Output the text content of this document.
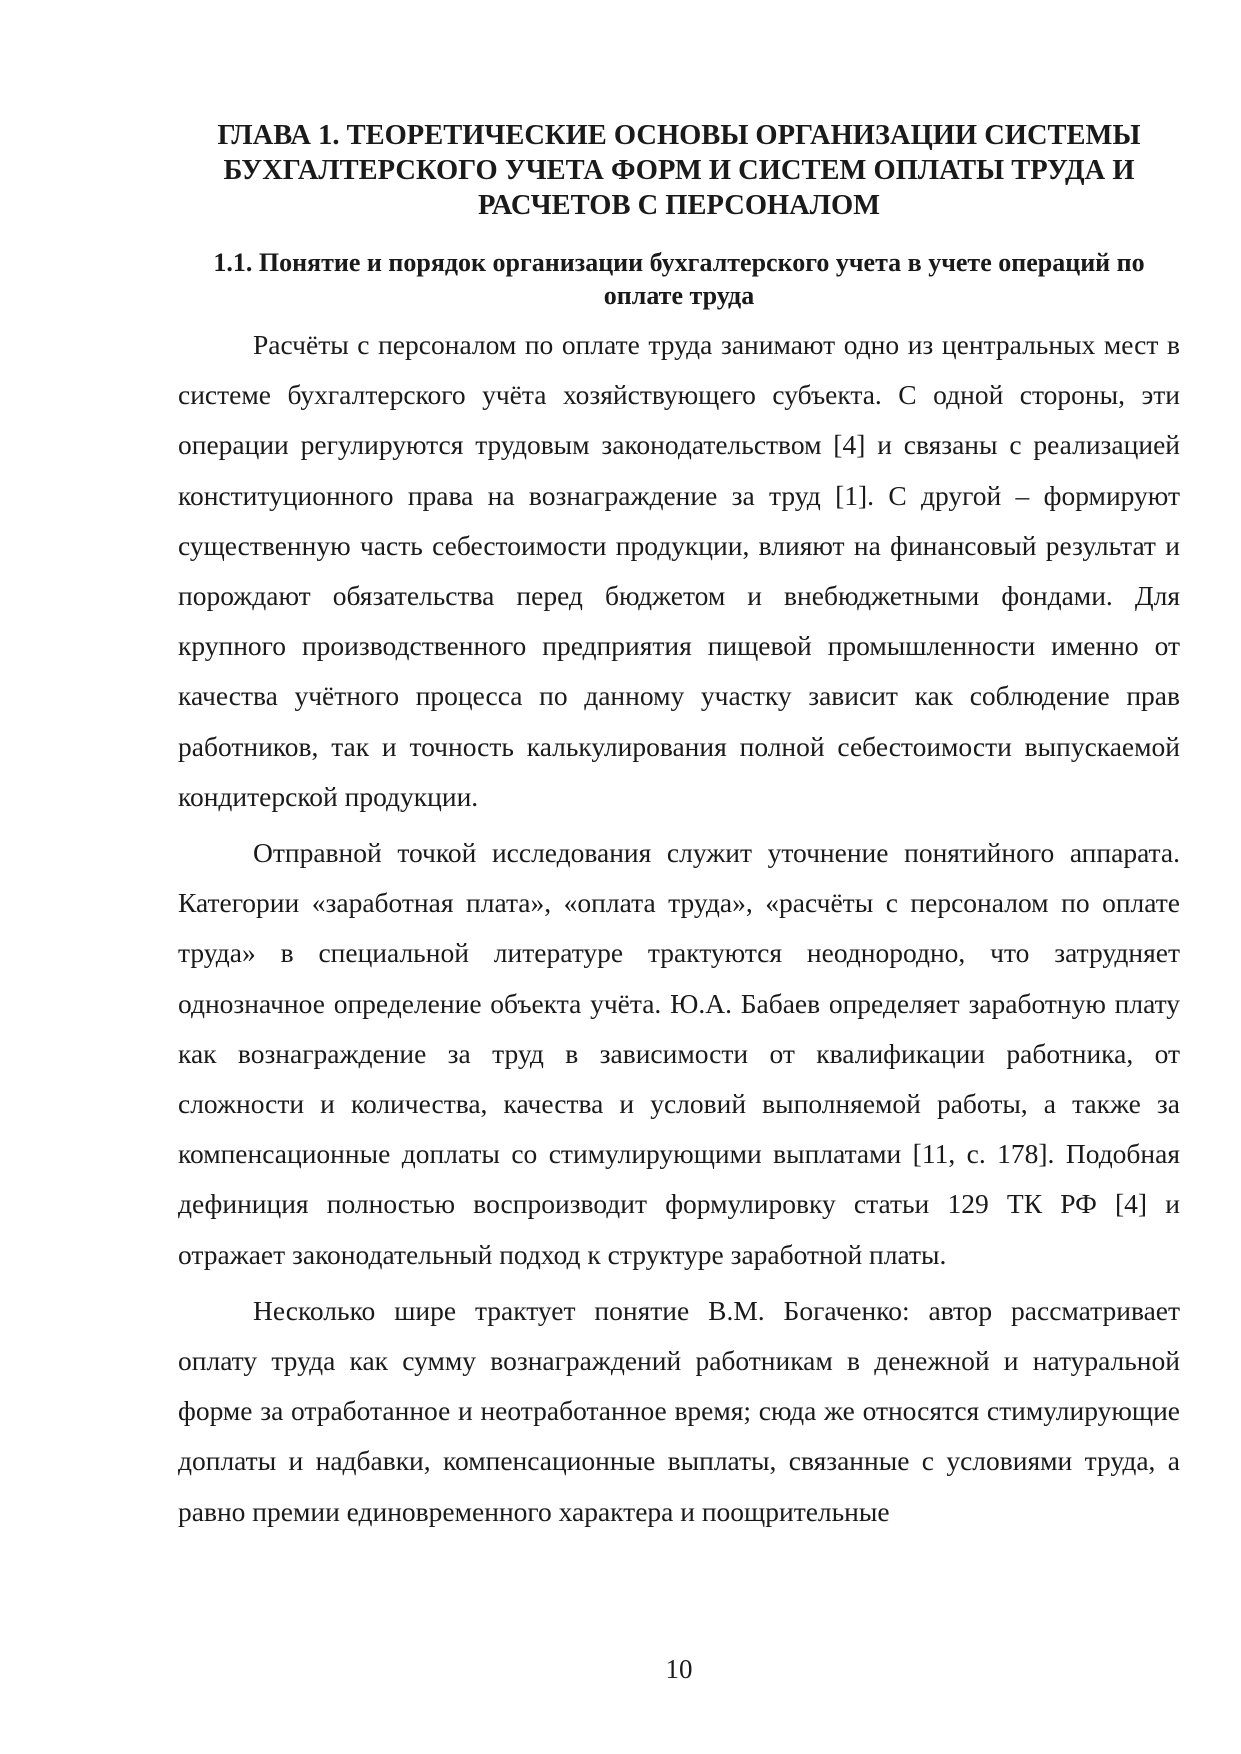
ГЛАВА 1. ТЕОРЕТИЧЕСКИЕ ОСНОВЫ ОРГАНИЗАЦИИ СИСТЕМЫ БУХГАЛТЕРСКОГО УЧЕТА ФОРМ И СИСТЕМ ОПЛАТЫ ТРУДА И РАСЧЕТОВ С ПЕРСОНАЛОМ
1.1. Понятие и порядок организации бухгалтерского учета в учете операций по оплате труда

Расчёты с персоналом по оплате труда занимают одно из центральных мест в системе бухгалтерского учёта хозяйствующего субъекта. С одной стороны, эти операции регулируются трудовым законодательством [4] и связаны с реализацией конституционного права на вознаграждение за труд [1]. С другой – формируют существенную часть себестоимости продукции, влияют на финансовый результат и порождают обязательства перед бюджетом и внебюджетными фондами. Для крупного производственного предприятия пищевой промышленности именно от качества учётного процесса по данному участку зависит как соблюдение прав работников, так и точность калькулирования полной себестоимости выпускаемой кондитерской продукции.

Отправной точкой исследования служит уточнение понятийного аппарата. Категории «заработная плата», «оплата труда», «расчёты с персоналом по оплате труда» в специальной литературе трактуются неоднородно, что затрудняет однозначное определение объекта учёта. Ю.А. Бабаев определяет заработную плату как вознаграждение за труд в зависимости от квалификации работника, от сложности и количества, качества и условий выполняемой работы, а также за компенсационные доплаты со стимулирующими выплатами [11, с. 178]. Подобная дефиниция полностью воспроизводит формулировку статьи 129 ТК РФ [4] и отражает законодательный подход к структуре заработной платы.

Несколько шире трактует понятие В.М. Богаченко: автор рассматривает оплату труда как сумму вознаграждений работникам в денежной и натуральной форме за отработанное и неотработанное время; сюда же относятся стимулирующие доплаты и надбавки, компенсационные выплаты, связанные с условиями труда, а равно премии единовременного характера и поощрительные

10
